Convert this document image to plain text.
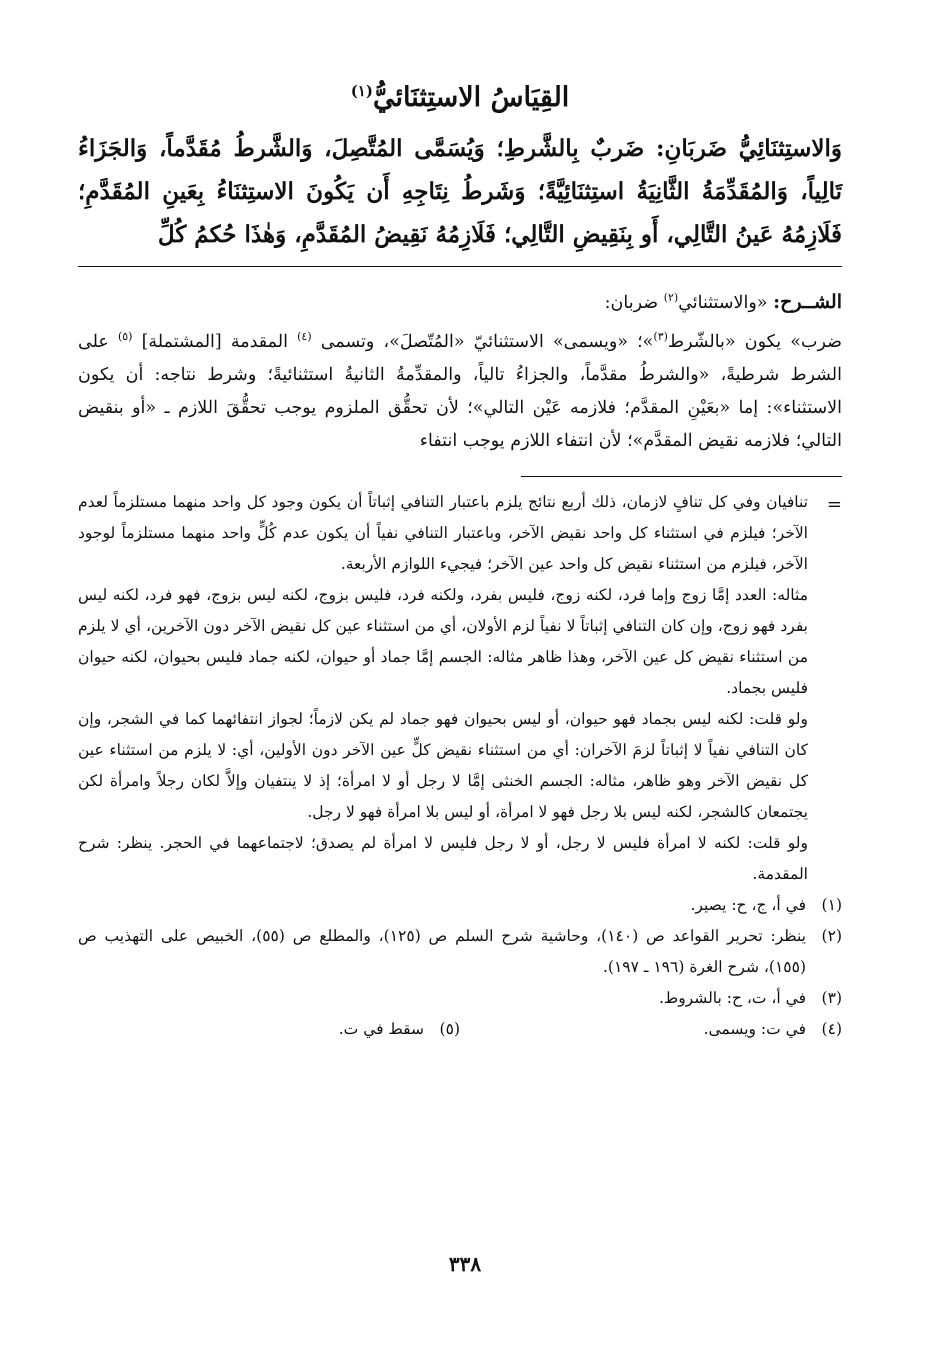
القِيَاسُ الاستِثنَائيُّ$^{(١)}$

وَالاستِثنَائِيُّ ضَربَانِ: ضَربٌ بِالشَّرطِ؛ وَيُسَمَّى المُتَّصِلَ، وَالشَّرطُ مُقَدَّماً، وَالجَزَاءُ تَالِياً، وَالمُقَدِّمَةُ الثَّانِيَةُ استِثنَائِيَّةً؛ وَشَرطُ نِتَاجِهِ أَن يَكُونَ الاستِثنَاءُ بِعَينِ المُقَدَّمِ؛ فَلَازِمُهُ عَينُ التَّالِي، أَو بِنَقِيضِ التَّالِي؛ فَلَازِمُهُ نَقِيضُ المُقَدَّمِ، وَهٰذَا حُكمُ كُلِّ

الشــرح: «والاستثنائي$^{(٢)}$ ضربان:
ضرب» يكون «بالشّرط$^{(٣)}$»؛ «ويسمى» الاستثنائيّ «المُتّصلَ»، وتسمى $^{(٤)}$ المقدمة [المشتملة] $^{(٥)}$ على الشرط شرطيةً، «والشرطُ مقدَّماً، والجزاءُ تالياً، والمقدِّمةُ الثانيةُ استثنائيةً؛ وشرط نتاجه: أن يكون الاستثناء»: إما «بعَيْنِ المقدَّم؛ فلازمه عَيْن التالي»؛ لأن تحقُّق الملزوم يوجب تحقُّقَ اللازم ـ «أو بنقيض التالي؛ فلازمه نقيض المقدَّم»؛ لأن انتفاء اللازم يوجب انتفاء

=

تنافيان وفي كل تنافٍ لازمان، ذلك أربع نتائج يلزم باعتبار التنافي إثباتاً أن يكون وجود كل واحد منهما مستلزماً لعدم الآخر؛ فيلزم في استثناء كل واحد نقيض الآخر، وباعتبار التنافي نفياً أن يكون عدم كُلٍّ واحد منهما مستلزماً لوجود الآخر، فيلزم من استثناء نقيض كل واحد عين الآخر؛ فيجيء اللوازم الأربعة.

مثاله: العدد إمَّا زوج وإما فرد، لكنه زوج، فليس بفرد، ولكنه فرد، فليس بزوج، لكنه ليس بزوج، فهو فرد، لكنه ليس بفرد فهو زوج، وإن كان التنافي إثباتاً لا نفياً لزم الأولان، أي من استثناء عين كل نقيض الآخر دون الآخرين، أي لا يلزم من استثناء نقيض كل عين الآخر، وهذا ظاهر مثاله: الجسم إمَّا جماد أو حيوان، لكنه جماد فليس بحيوان، لكنه حيوان فليس بجماد.

ولو قلت: لكنه ليس بجماد فهو حيوان، أو ليس بحيوان فهو جماد لم يكن لازماً؛ لجواز انتفائهما كما في الشجر، وإن كان التنافي نفياً لا إثباتاً لزمَ الآخران: أي من استثناء نقيض كلٍّ عين الآخر دون الأولين، أي: لا يلزم من استثناء عين كل نقيض الآخر وهو ظاهر، مثاله: الجسم الخنثى إمَّا لا رجل أو لا امرأة؛ إذ لا ينتفيان وإلاَّ لكان رجلاً وامرأة لكن يجتمعان كالشجر، لكنه ليس بلا رجل فهو لا امرأة، أو ليس بلا امرأة فهو لا رجل.

ولو قلت: لكنه لا امرأة فليس لا رجل، أو لا رجل فليس لا امرأة لم يصدق؛ لاجتماعهما في الحجر. ينظر: شرح المقدمة.

(١)
في أ، ج، ح: يصير.
(٢)
ينظر: تحرير القواعد ص (١٤٠)، وحاشية شرح السلم ص (١٢٥)، والمطلع ص (٥٥)، الخبيص على التهذيب ص (١٥٥)، شرح الغرة (١٩٦ ـ ١٩٧).
(٣)
في أ، ت، ح: بالشروط.
(٤)
في ت: ويسمى.
(٥)
سقط في ت.
٣٣٨
